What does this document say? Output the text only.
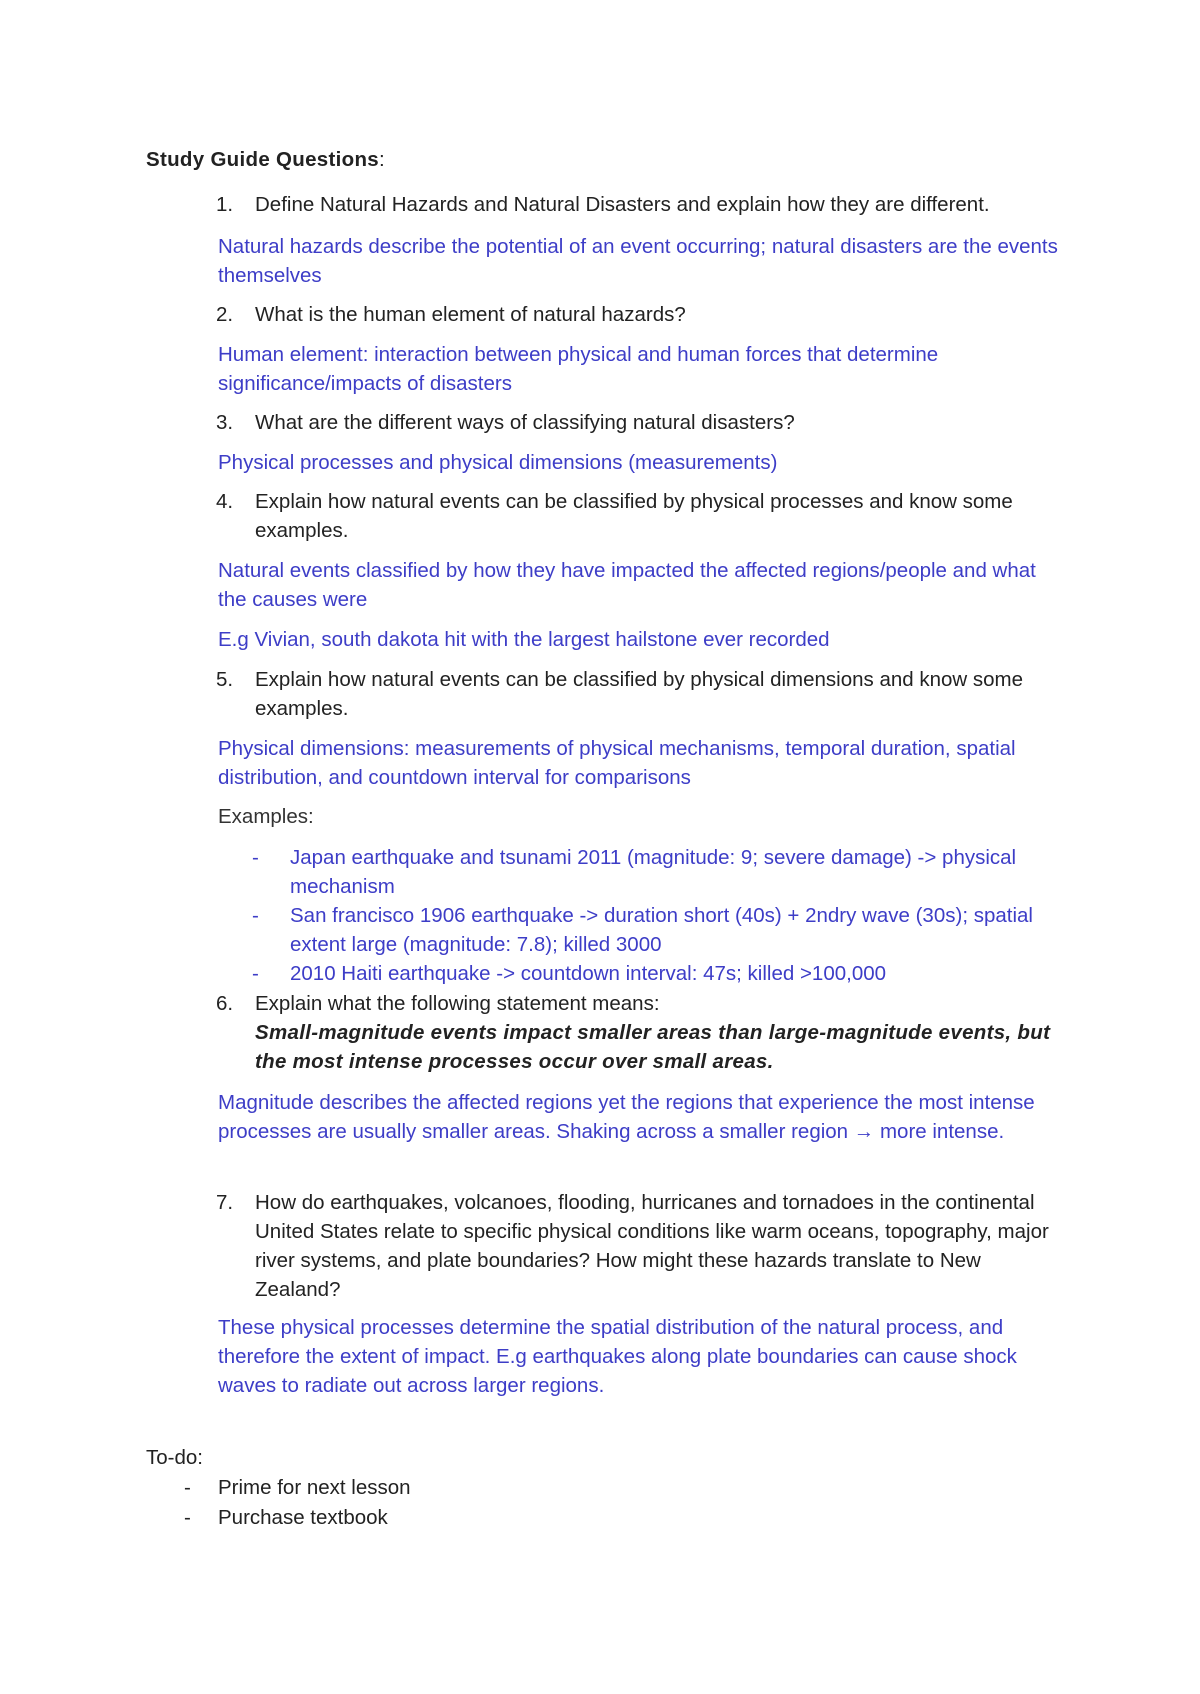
Study Guide Questions:
1.	Define Natural Hazards and Natural Disasters and explain how they are different.
Natural hazards describe the potential of an event occurring; natural disasters are the events themselves
2.	What is the human element of natural hazards?
Human element: interaction between physical and human forces that determine significance/impacts of disasters
3.	What are the different ways of classifying natural disasters?
Physical processes and physical dimensions (measurements)
4.	Explain how natural events can be classified by physical processes and know some examples.
Natural events classified by how they have impacted the affected regions/people and what the causes were
E.g Vivian, south dakota hit with the largest hailstone ever recorded
5.	Explain how natural events can be classified by physical dimensions and know some examples.
Physical dimensions: measurements of physical mechanisms, temporal duration, spatial distribution, and countdown interval for comparisons
Examples:
- Japan earthquake and tsunami 2011 (magnitude: 9; severe damage) -> physical mechanism
- San francisco 1906 earthquake -> duration short (40s) + 2ndry wave (30s); spatial extent large (magnitude: 7.8); killed 3000
- 2010 Haiti earthquake -> countdown interval: 47s; killed >100,000
6.	Explain what the following statement means:
Small-magnitude events impact smaller areas than large-magnitude events, but the most intense processes occur over small areas.
Magnitude describes the affected regions yet the regions that experience the most intense processes are usually smaller areas. Shaking across a smaller region → more intense.
7.	How do earthquakes, volcanoes, flooding, hurricanes and tornadoes in the continental United States relate to specific physical conditions like warm oceans, topography, major river systems, and plate boundaries? How might these hazards translate to New Zealand?
These physical processes determine the spatial distribution of the natural process, and therefore the extent of impact. E.g earthquakes along plate boundaries can cause shock waves to radiate out across larger regions.
To-do:
- Prime for next lesson
- Purchase textbook
